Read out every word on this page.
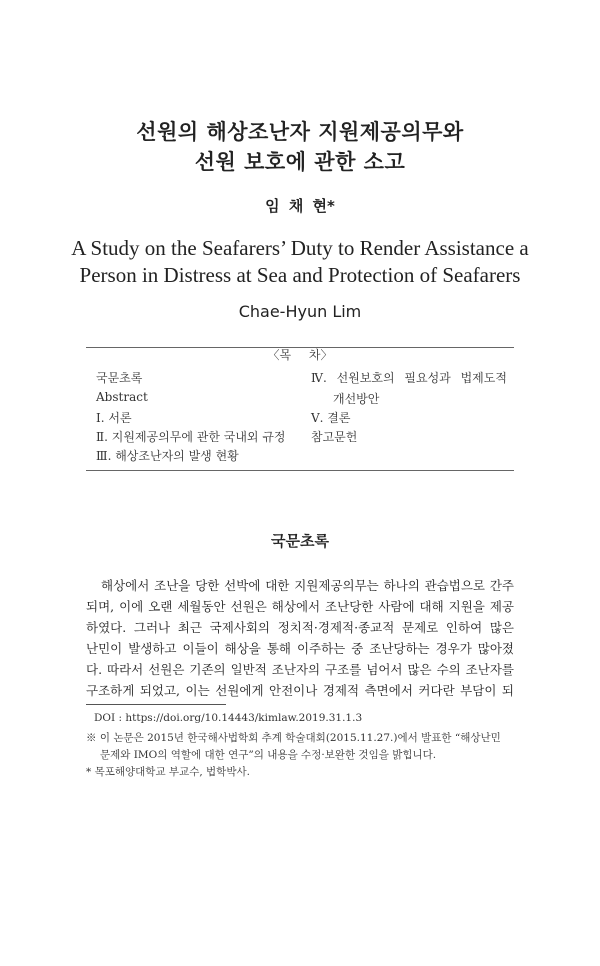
선원의 해상조난자 지원제공의무와
선원 보호에 관한 소고
임 채 현*
A Study on the Seafarers’ Duty to Render Assistance a
Person in Distress at Sea and Protection of Seafarers
Chae-Hyun Lim
〈목 차〉
국문초록
Abstract
Ⅰ. 서론
Ⅱ. 지원제공의무에 관한 국내외 규정
Ⅲ. 해상조난자의 발생 현황
Ⅳ. 선원보호의 필요성과 법제도적
개선방안
Ⅴ. 결론
참고문헌
국문초록
해상에서 조난을 당한 선박에 대한 지원제공의무는 하나의 관습법으로 간주
되며, 이에 오랜 세월동안 선원은 해상에서 조난당한 사람에 대해 지원을 제공
하였다. 그러나 최근 국제사회의 정치적·경제적·종교적 문제로 인하여 많은
난민이 발생하고 이들이 해상을 통해 이주하는 중 조난당하는 경우가 많아졌
다. 따라서 선원은 기존의 일반적 조난자의 구조를 넘어서 많은 수의 조난자를
구조하게 되었고, 이는 선원에게 안전이나 경제적 측면에서 커다란 부담이 되
DOI : https://doi.org/10.14443/kimlaw.2019.31.1.3
※ 이 논문은 2015년 한국해사법학회 추계 학술대회(2015.11.27.)에서 발표한 “해상난민
문제와 IMO의 역할에 대한 연구”의 내용을 수정·보완한 것임을 밝힙니다.
* 목포해양대학교 부교수, 법학박사.
